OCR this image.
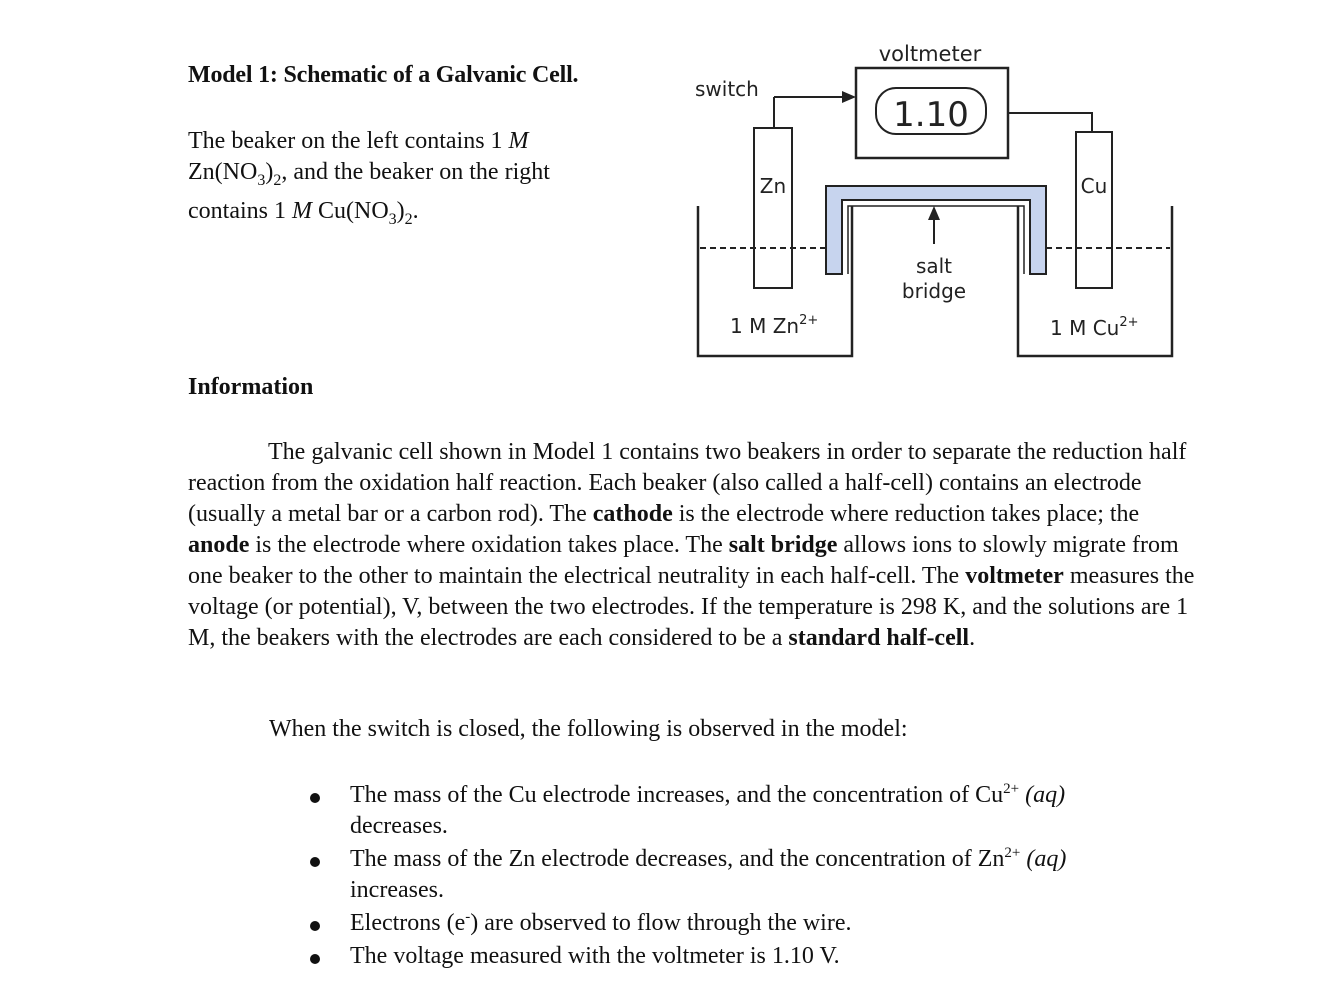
Model 1: Schematic of a Galvanic Cell.
The beaker on the left contains 1 M $Zn(NO_3)_2$, and the beaker on the right contains 1 M $Cu(NO_3)_2$.
voltmeter
1.10
switch
Zn	Cu
salt
bridge
1 M $Zn^{2+}$	1 M $Cu^{2+}$
Information
The galvanic cell shown in Model 1 contains two beakers in order to separate the reduction half reaction from the oxidation half reaction. Each beaker (also called a half-cell) contains an electrode (usually a metal bar or a carbon rod). The cathode is the electrode where reduction takes place; the anode is the electrode where oxidation takes place. The salt bridge allows ions to slowly migrate from one beaker to the other to maintain the electrical neutrality in each half-cell. The voltmeter measures the voltage (or potential), V, between the two electrodes. If the temperature is 298 K, and the solutions are 1 M, the beakers with the electrodes are each considered to be a standard half-cell.
When the switch is closed, the following is observed in the model:
The mass of the Cu electrode increases, and the concentration of $Cu^{2+}$ (aq)
decreases.
The mass of the Zn electrode decreases, and the concentration of $Zn^{2+}$ (aq)
increases.
Electrons (e-) are observed to flow through the wire.
The voltage measured with the voltmeter is 1.10 V.
